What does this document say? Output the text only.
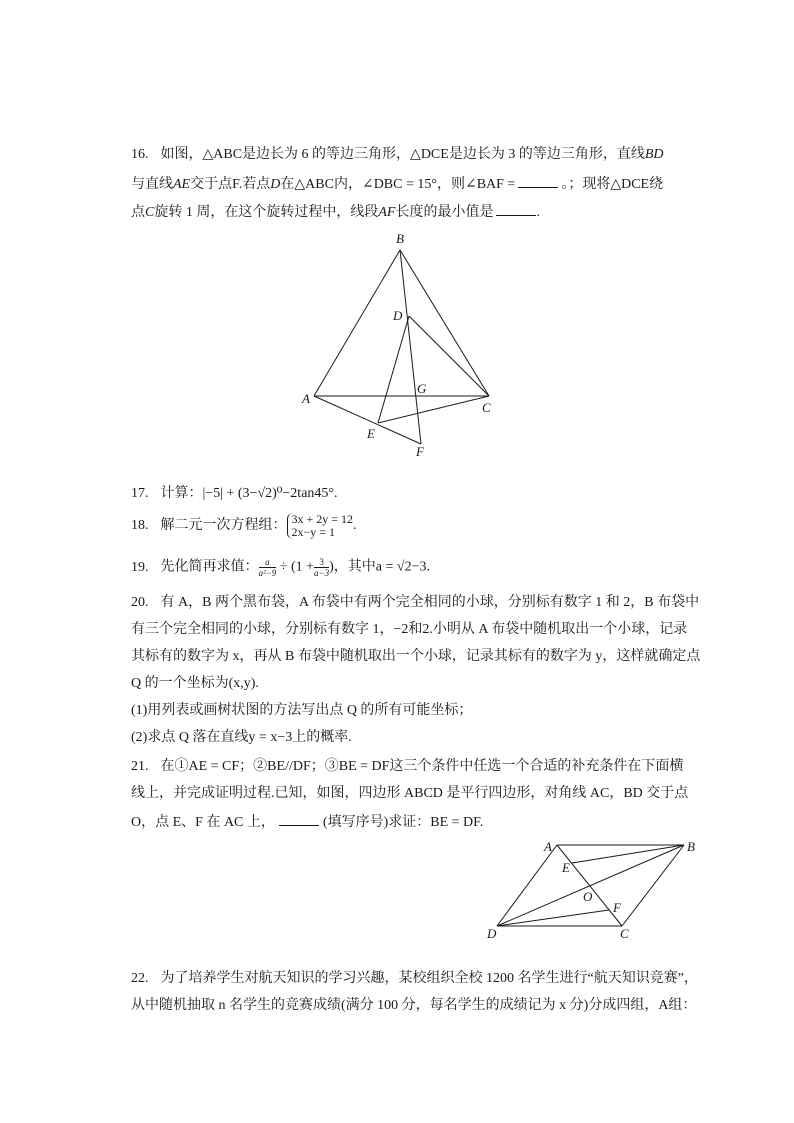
16. 如图，△ABC是边长为 6 的等边三角形，△DCE是边长为 3 的等边三角形，直线BD
与直线AE交于点F.若点D在△ABC内，∠DBC = 15°，则∠BAF =	。；现将△DCE绕
点C旋转 1 周，在这个旋转过程中，线段AF长度的最小值是	.
B
D
A
G
C
E
F
17. 计算：|−5| + (3−√2)⁰−2tan45°.
18. 解二元一次方程组： 3x + 2y = 12
2x−y = 1	.
19. 先化简再求值： $\frac{a}{\text{a²−9}} \div (1 + \frac{3}{a-3}$ )，其中a = √2−3.
20. 有 A，B 两个黑布袋，A 布袋中有两个完全相同的小球，分别标有数字 1 和 2，B 布袋中
有三个完全相同的小球，分别标有数字 1，−2和2.小明从 A 布袋中随机取出一个小球，记录
其标有的数字为 x，再从 B 布袋中随机取出一个小球，记录其标有的数字为 y，这样就确定点
Q 的一个坐标为(x,y).
(1)用列表或画树状图的方法写出点 Q 的所有可能坐标；
(2)求点 Q 落在直线y = x−3上的概率.
21. 在①AE = CF；②BE//DF；③BE = DF这三个条件中任选一个合适的补充条件在下面横
线上，并完成证明过程.已知，如图，四边形 ABCD 是平行四边形，对角线 AC，BD 交于点
O，点 E、F 在 AC 上，	(填写序号)求证：BE = DF.
A	B
E
O
F
D	C
22. 为了培养学生对航天知识的学习兴趣，某校组织全校 1200 名学生进行“航天知识竞赛”，
从中随机抽取 n 名学生的竞赛成绩(满分 100 分，每名学生的成绩记为 x 分)分成四组，A组：
